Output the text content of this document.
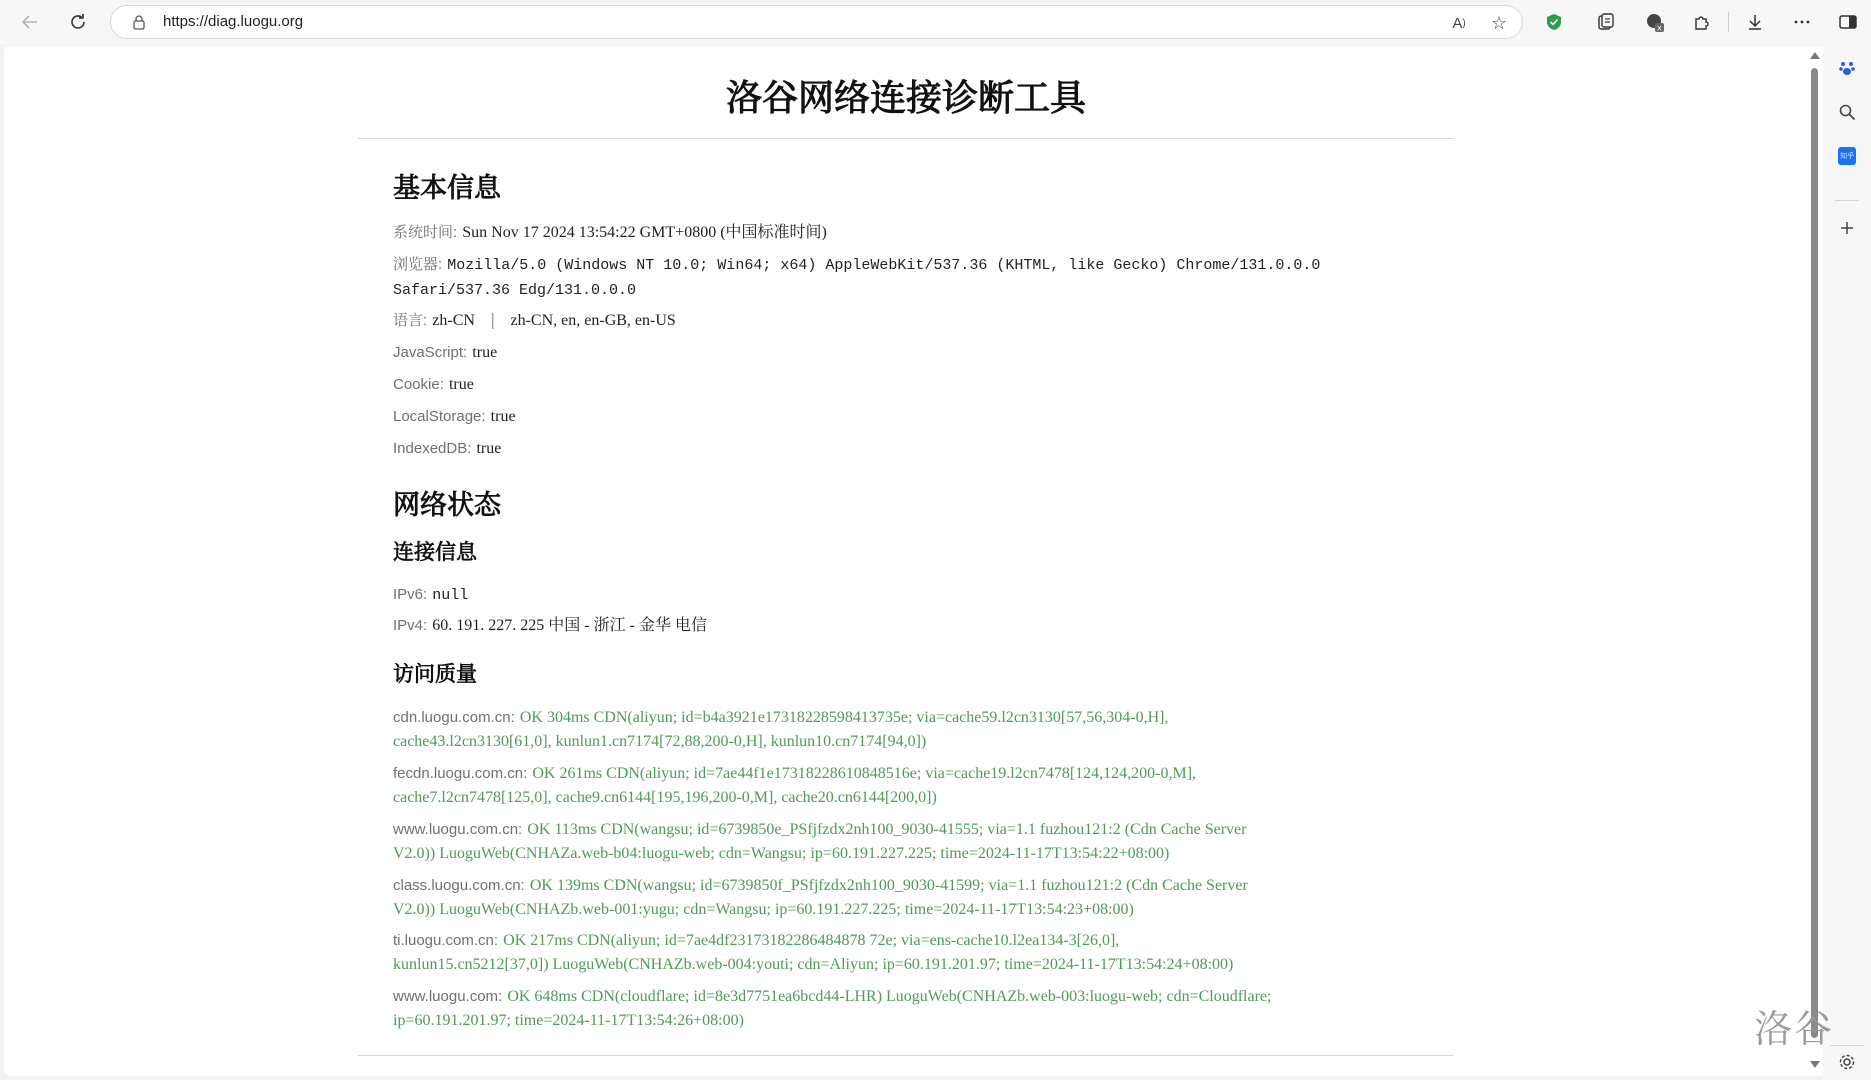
https://diag.luogu.org	A ) ☆	x
知乎
洛谷网络连接诊断工具
基本信息
系统时间: Sun Nov 17 2024 13:54:22 GMT+0800 (中国标准时间)
浏览器: Mozilla/5.0 (Windows NT 10.0; Win64; x64) AppleWebKit/537.36 (KHTML, like Gecko) Chrome/131.0.0.0
Safari/537.36 Edg/131.0.0.0
语言: zh-CN | zh-CN, en, en-GB, en-US
JavaScript: true
Cookie: true
LocalStorage: true
IndexedDB: true
网络状态
连接信息
IPv6: null
IPv4: 60. 191. 227. 225 中国 - 浙江 - 金华 电信
访问质量
cdn.luogu.com.cn: OK 304ms CDN(aliyun; id=b4a3921e17318228598413735e; via=cache59.l2cn3130[57,56,304-0,H],
cache43.l2cn3130[61,0], kunlun1.cn7174[72,88,200-0,H], kunlun10.cn7174[94,0])
fecdn.luogu.com.cn: OK 261ms CDN(aliyun; id=7ae44f1e17318228610848516e; via=cache19.l2cn7478[124,124,200-0,M],
cache7.l2cn7478[125,0], cache9.cn6144[195,196,200-0,M], cache20.cn6144[200,0])
www.luogu.com.cn: OK 113ms CDN(wangsu; id=6739850e_PSfjfzdx2nh100_9030-41555; via=1.1 fuzhou121:2 (Cdn Cache Server
V2.0)) LuoguWeb(CNHAZa.web-b04:luogu-web; cdn=Wangsu; ip=60.191.227.225; time=2024-11-17T13:54:22+08:00)
class.luogu.com.cn: OK 139ms CDN(wangsu; id=6739850f_PSfjfzdx2nh100_9030-41599; via=1.1 fuzhou121:2 (Cdn Cache Server
V2.0)) LuoguWeb(CNHAZb.web-001:yugu; cdn=Wangsu; ip=60.191.227.225; time=2024-11-17T13:54:23+08:00)
ti.luogu.com.cn: OK 217ms CDN(aliyun; id=7ae4df23173182286484878 72e; via=ens-cache10.l2ea134-3[26,0],
kunlun15.cn5212[37,0]) LuoguWeb(CNHAZb.web-004:youti; cdn=Aliyun; ip=60.191.201.97; time=2024-11-17T13:54:24+08:00)
www.luogu.com: OK 648ms CDN(cloudflare; id=8e3d7751ea6bcd44-LHR) LuoguWeb(CNHAZb.web-003:luogu-web; cdn=Cloudflare;
ip=60.191.201.97; time=2024-11-17T13:54:26+08:00)	洛谷
